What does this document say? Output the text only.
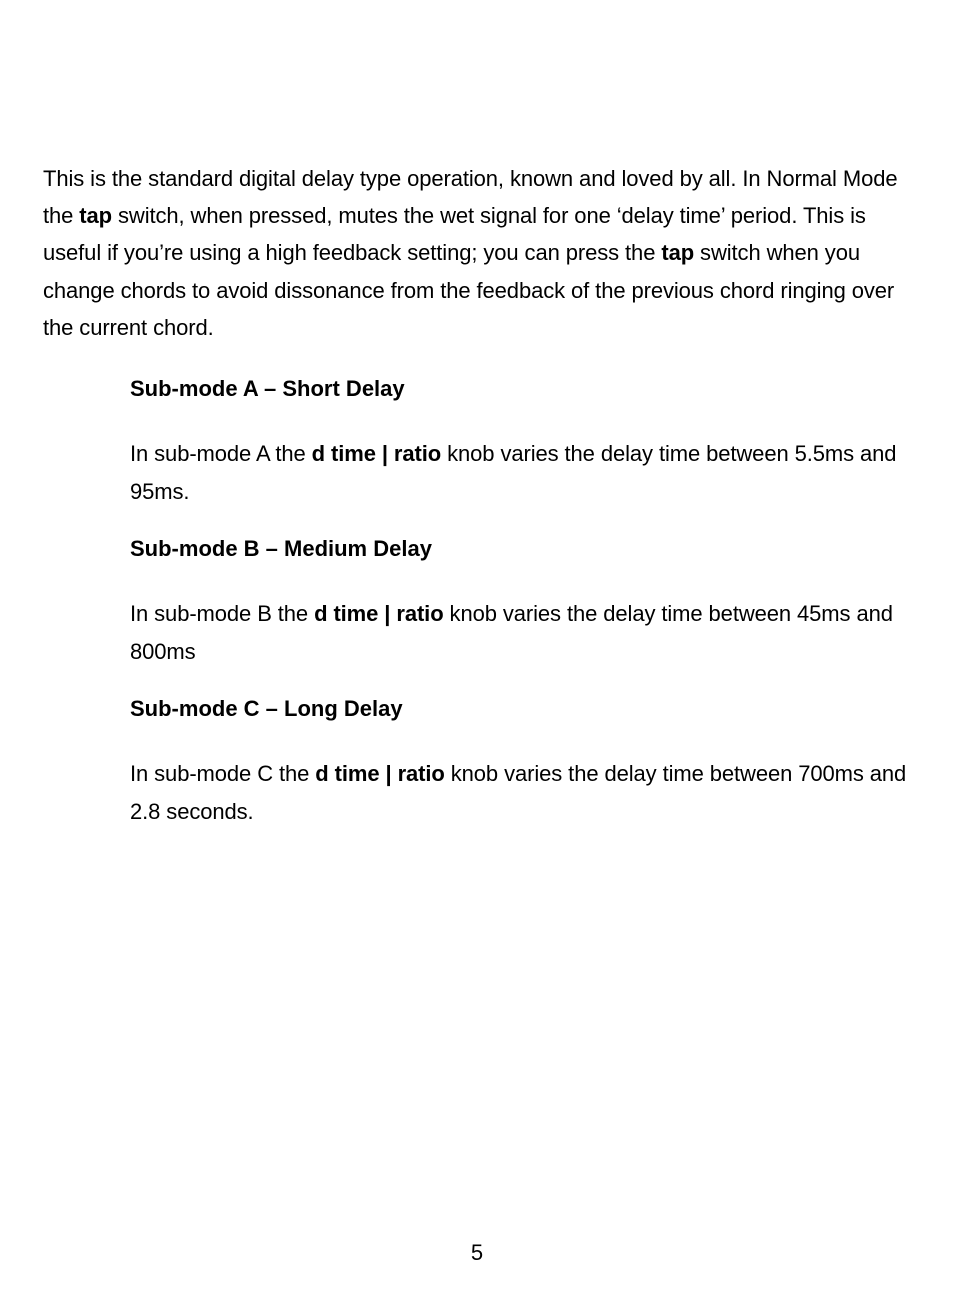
This is the standard digital delay type operation, known and loved by all. In Normal Mode the tap switch, when pressed, mutes the wet signal for one ‘delay time’ period. This is useful if you’re using a high feedback setting; you can press the tap switch when you change chords to avoid dissonance from the feedback of the previous chord ringing over the current chord.

Sub-mode A – Short Delay

In sub-mode A the d time | ratio knob varies the delay time between 5.5ms and 95ms.

Sub-mode B – Medium Delay

In sub-mode B the d time | ratio knob varies the delay time between 45ms and 800ms

Sub-mode C – Long Delay

In sub-mode C the d time | ratio knob varies the delay time between 700ms and 2.8 seconds.

5
